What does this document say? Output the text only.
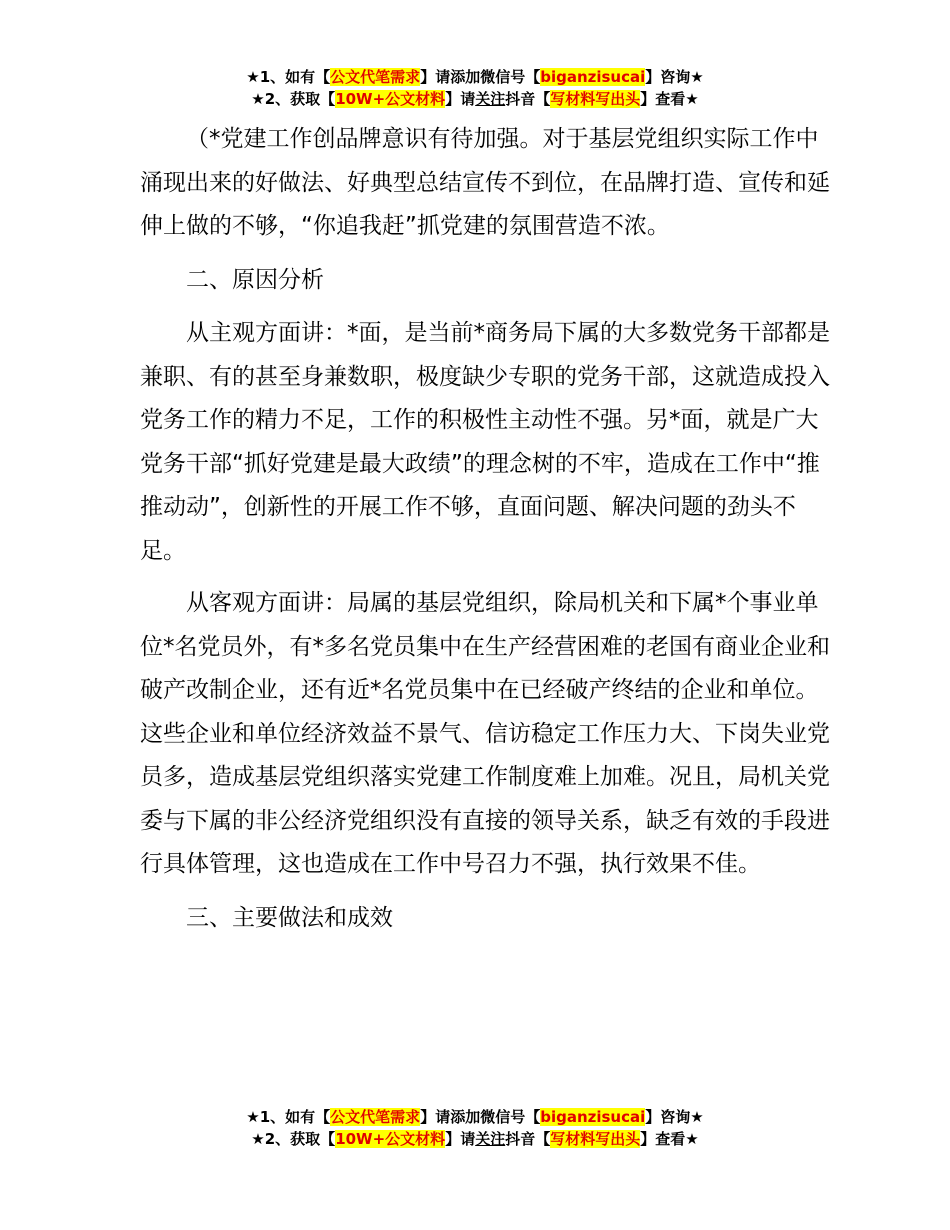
★1、如有【公文代笔需求】请添加微信号【biganzisucai】咨询★
★2、获取【10W+公文材料】请关注抖音【写材料写出头】查看★

（*党建工作创品牌意识有待加强。对于基层党组织实际工作中涌现出来的好做法、好典型总结宣传不到位，在品牌打造、宣传和延伸上做的不够，“你追我赶”抓党建的氛围营造不浓。

二、原因分析

从主观方面讲：*面，是当前*商务局下属的大多数党务干部都是兼职、有的甚至身兼数职，极度缺少专职的党务干部，这就造成投入党务工作的精力不足，工作的积极性主动性不强。另*面，就是广大党务干部“抓好党建是最大政绩”的理念树的不牢，造成在工作中“推推动动”，创新性的开展工作不够，直面问题、解决问题的劲头不足。

从客观方面讲：局属的基层党组织，除局机关和下属*个事业单位*名党员外，有*多名党员集中在生产经营困难的老国有商业企业和破产改制企业，还有近*名党员集中在已经破产终结的企业和单位。这些企业和单位经济效益不景气、信访稳定工作压力大、下岗失业党员多，造成基层党组织落实党建工作制度难上加难。况且，局机关党委与下属的非公经济党组织没有直接的领导关系，缺乏有效的手段进行具体管理，这也造成在工作中号召力不强，执行效果不佳。

三、主要做法和成效

★1、如有【公文代笔需求】请添加微信号【biganzisucai】咨询★
★2、获取【10W+公文材料】请关注抖音【写材料写出头】查看★
